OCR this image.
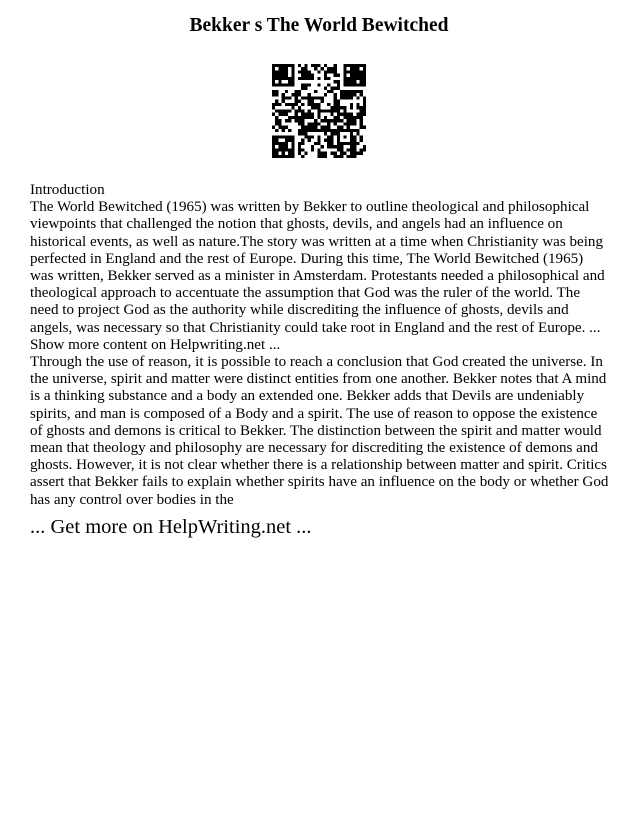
Bekker s The World Bewitched

Introduction

The World Bewitched (1965) was written by Bekker to outline theological and philosophical viewpoints that challenged the notion that ghosts, devils, and angels had an influence on historical events, as well as nature.The story was written at a time when Christianity was being perfected in England and the rest of Europe. During this time, The World Bewitched (1965) was written, Bekker served as a minister in Amsterdam. Protestants needed a philosophical and theological approach to accentuate the assumption that God was the ruler of the world. The need to project God as the authority while discrediting the influence of ghosts, devils and angels, was necessary so that Christianity could take root in England and the rest of Europe. ... Show more content on Helpwriting.net ...

Through the use of reason, it is possible to reach a conclusion that God created the universe. In the universe, spirit and matter were distinct entities from one another. Bekker notes that A mind is a thinking substance and a body an extended one. Bekker adds that Devils are undeniably spirits, and man is composed of a Body and a spirit. The use of reason to oppose the existence of ghosts and demons is critical to Bekker. The distinction between the spirit and matter would mean that theology and philosophy are necessary for discrediting the existence of demons and ghosts. However, it is not clear whether there is a relationship between matter and spirit. Critics assert that Bekker fails to explain whether spirits have an influence on the body or whether God has any control over bodies in the

... Get more on HelpWriting.net ...
